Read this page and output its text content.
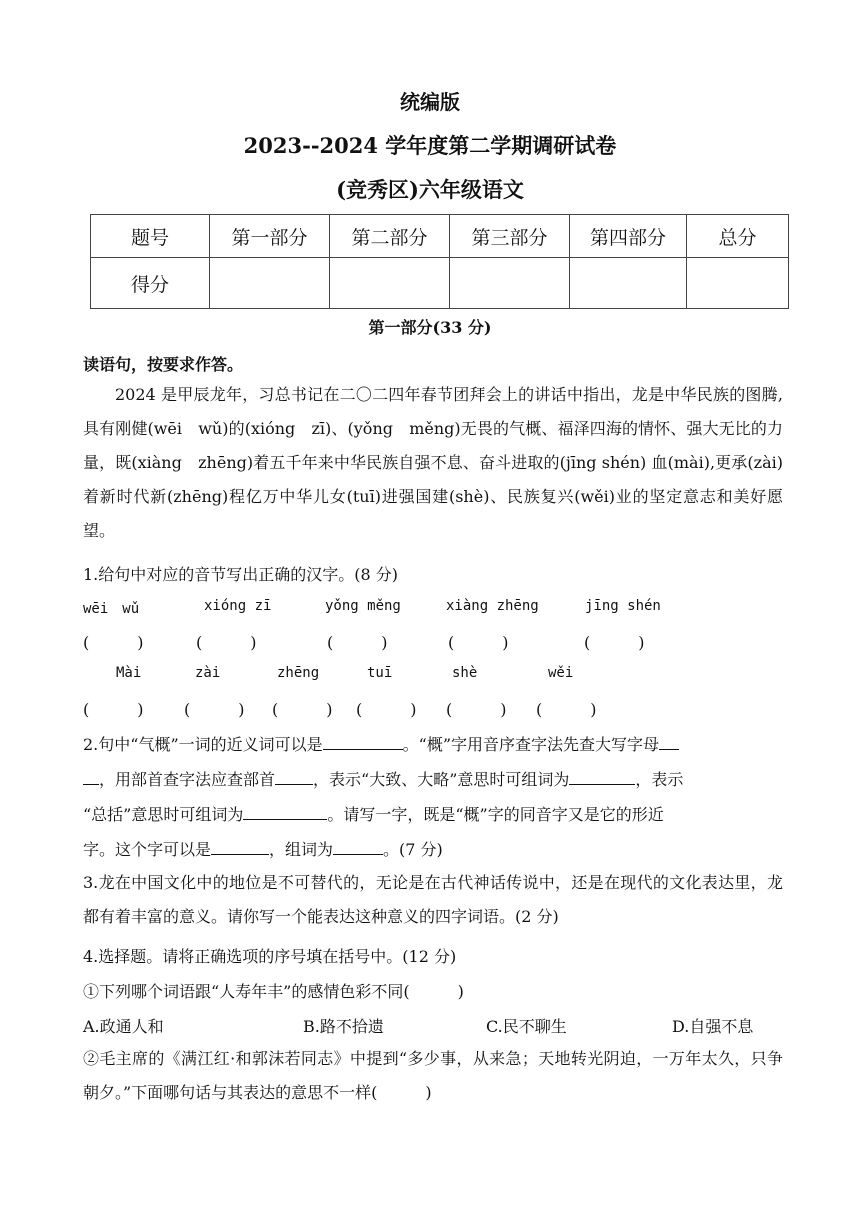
统编版
2023--2024 学年度第二学期调研试卷
(竞秀区)六年级语文
题号	第一部分	第二部分	第三部分	第四部分	总分
得分					
第一部分(33 分)
读语句，按要求作答。
2024 是甲辰龙年，习总书记在二〇二四年春节团拜会上的讲话中指出，龙是中华民族的图腾,具有刚健(wēi　wǔ)的(xióng　zī)、(yǒng　měng)无畏的气概、福泽四海的情怀、强大无比的力量，既(xiàng　zhēng)着五千年来中华民族自强不息、奋斗进取的(jīng shén) 血(mài),更承(zài)着新时代新(zhēng)程亿万中华儿女(tuī)进强国建(shè)、民族复兴(wěi)业的坚定意志和美好愿望。
1.给句中对应的音节写出正确的汉字。(8 分)
wēi　wǔ	xióng zī	yǒng měng	xiàng zhēng	jīng shén
(　　　)	(　　　)	(　　　)	(　　　)	(　　　)
Mài	zài	zhēng	tuī	shè	wěi
(　　　)	(　　　) (　　　) (　　　) (　　　) (　　　)
2.句中“气概”一词的近义词可以是	。“概”字用音序查字法先查大写字母
，用部首查字法应查部首 ，表示“大致、大略”意思时可组词为	，表示
“总括”意思时可组词为	。请写一字，既是“概”字的同音字又是它的形近
字。这个字可以是	，组词为	。(7 分)
3.龙在中国文化中的地位是不可替代的，无论是在古代神话传说中，还是在现代的文化表达里，龙都有着丰富的意义。请你写一个能表达这种意义的四字词语。(2 分)
4.选择题。请将正确选项的序号填在括号中。(12 分)
①下列哪个词语跟“人寿年丰”的感情色彩不同(　　　)
A.政通人和	B.路不拾遗	C.民不聊生	D.自强不息
②毛主席的《满江红·和郭沫若同志》中提到“多少事，从来急；天地转光阴迫，一万年太久，只争朝夕。”下面哪句话与其表达的意思不一样(　　　)
